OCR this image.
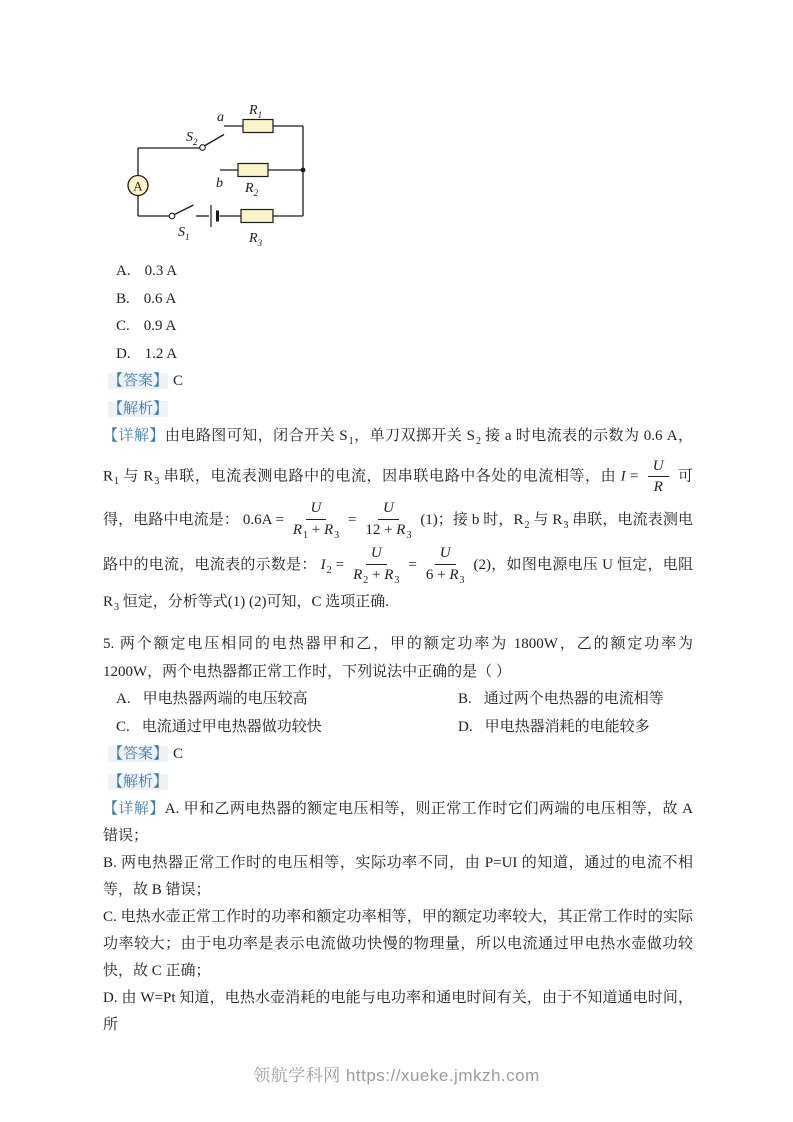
A
a
b
$S_2$
$S_1$
$R_1$
$R_2$
$R_3$
A. 0.3 A
B. 0.6 A
C. 0.9 A
D. 1.2 A
【答案】 C
【解析】

【详解】由电路图可知，闭合开关 $S_1$，单刀双掷开关 $S_2$ 接 a 时电流表的示数为 0.6 A， $R_1$ 与 $R_3$ 串联，电流表测电路中的电流，因串联电路中各处的电流相等，由 $I = \frac{U}{R}$ 可得，电路中电流是： $0.6A = \frac{U}{R_1 + R_3} = \frac{U}{12 + R_3} (1)$；接 b 时，$R_2$ 与 $R_3$ 串联，电流表测电路中的电流，电流表的示数是： $I_2 = \frac{U}{R_2 + R_3} = \frac{U}{6 + R_3} (2)$，如图电源电压 U 恒定，电阻 $R_3$ 恒定，分析等式(1) (2)可知，C 选项正确.

5. 两个额定电压相同的电热器甲和乙，甲的额定功率为 1800W，乙的额定功率为 1200W，两个电热器都正常工作时，下列说法中正确的是（ ）

A. 甲电热器两端的电压较高	B. 通过两个电热器的电流相等
C. 电流通过甲电热器做功较快	D. 甲电热器消耗的电能较多
【答案】 C
【解析】

【详解】A. 甲和乙两电热器的额定电压相等，则正常工作时它们两端的电压相等，故 A 错误；

B. 两电热器正常工作时的电压相等，实际功率不同，由 P=UI 的知道，通过的电流不相等，故 B 错误；

C. 电热水壶正常工作时的功率和额定功率相等，甲的额定功率较大，其正常工作时的实际功率较大；由于电功率是表示电流做功快慢的物理量，所以电流通过甲电热水壶做功较快，故 C 正确；

D. 由 W=Pt 知道，电热水壶消耗的电能与电功率和通电时间有关，由于不知道通电时间，所

领航学科网 https://xueke.jmkzh.com
